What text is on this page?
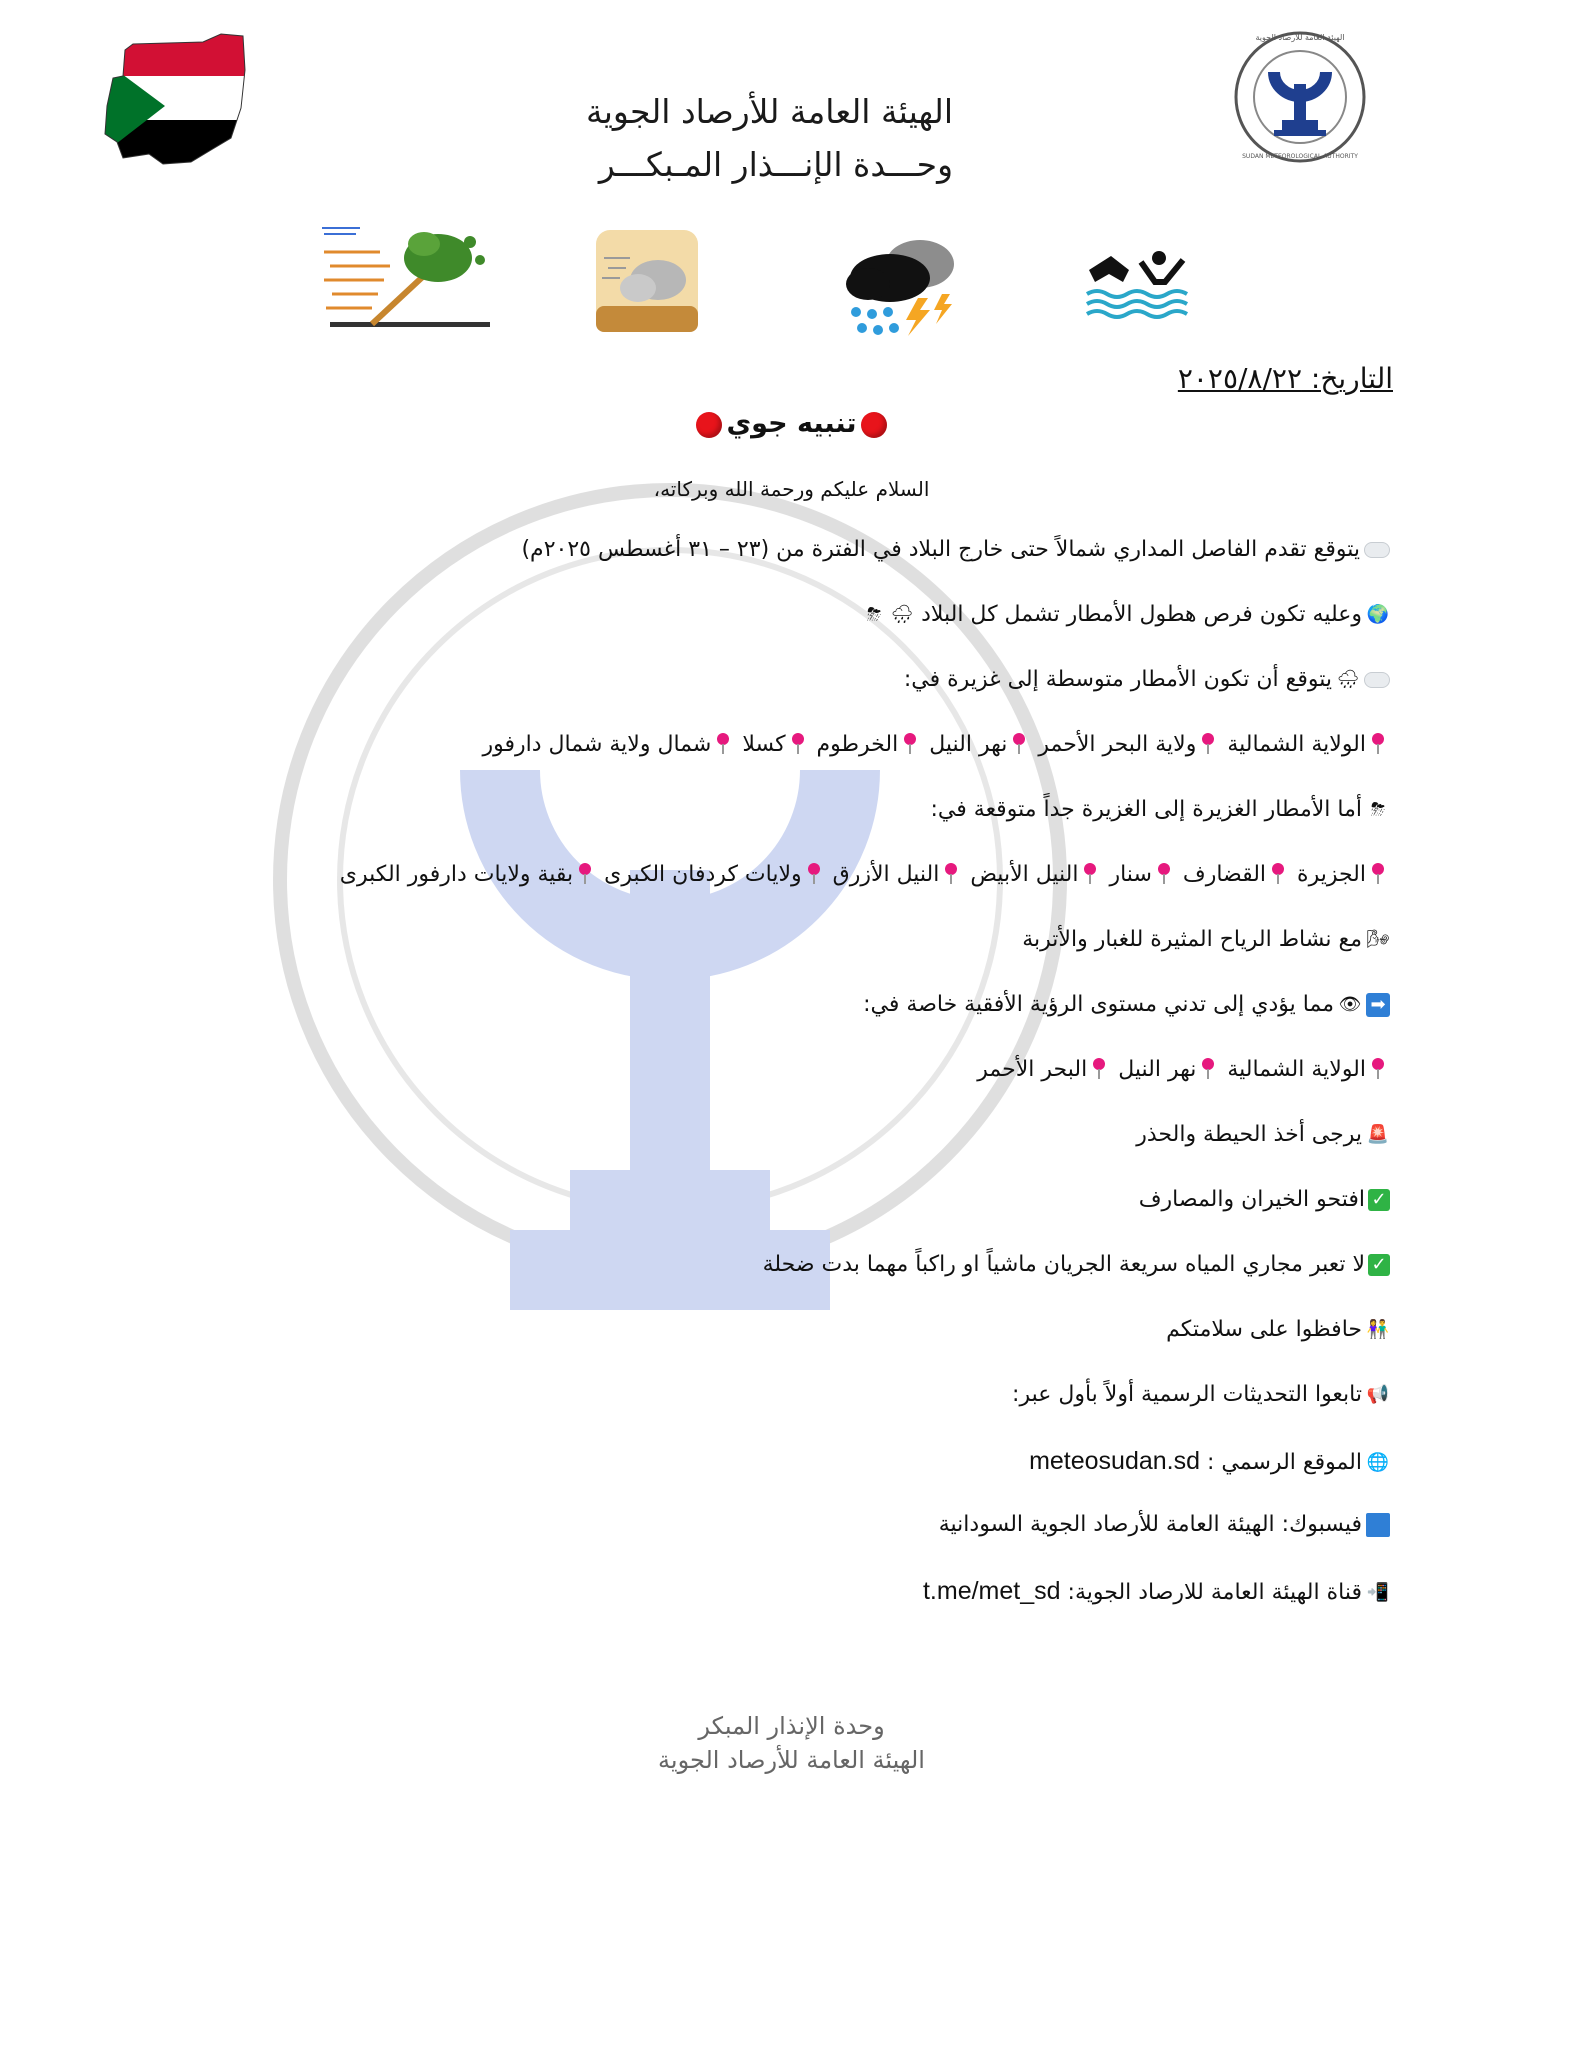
الهيئة العامة للأرصاد الجوية
SUDAN METEOROLOGICAL AUTHORITY
الهيئة العامة للأرصاد الجوية
وحـــدة الإنـــذار المـبكـــر
التاريخ: ٢٠٢٥/٨/٢٢
تنبيه جوي
السلام عليكم ورحمة الله وبركاته،
يتوقع تقدم الفاصل المداري شمالاً حتى خارج البلاد في الفترة من (٢٣ – ٣١ أغسطس ٢٠٢٥م)
🌍وعليه تكون فرص هطول الأمطار تشمل كل البلاد 🌧⛈
🌧يتوقع أن تكون الأمطار متوسطة إلى غزيرة في:
الولاية الشمالية ولاية البحر الأحمر نهر النيل الخرطوم كسلا شمال ولاية شمال دارفور
⛈أما الأمطار الغزيرة إلى الغزيرة جداً متوقعة في:
الجزيرة القضارف سنار النيل الأبيض النيل الأزرق ولايات كردفان الكبرى بقية ولايات دارفور الكبرى
🌬مع نشاط الرياح المثيرة للغبار والأتربة
➡👁مما يؤدي إلى تدني مستوى الرؤية الأفقية خاصة في:
الولاية الشمالية نهر النيل البحر الأحمر
🚨يرجى أخذ الحيطة والحذر
✓افتحو الخيران والمصارف
✓لا تعبر مجاري المياه سريعة الجريان ماشياً او راكباً مهما بدت ضحلة
👫حافظوا على سلامتكم
📢تابعوا التحديثات الرسمية أولاً بأول عبر:
🌐الموقع الرسمي : meteosudan.sd
فيسبوك: الهيئة العامة للأرصاد الجوية السودانية
📲قناة الهيئة العامة للارصاد الجوية: t.me/met_sd
وحدة الإنذار المبكر
الهيئة العامة للأرصاد الجوية
